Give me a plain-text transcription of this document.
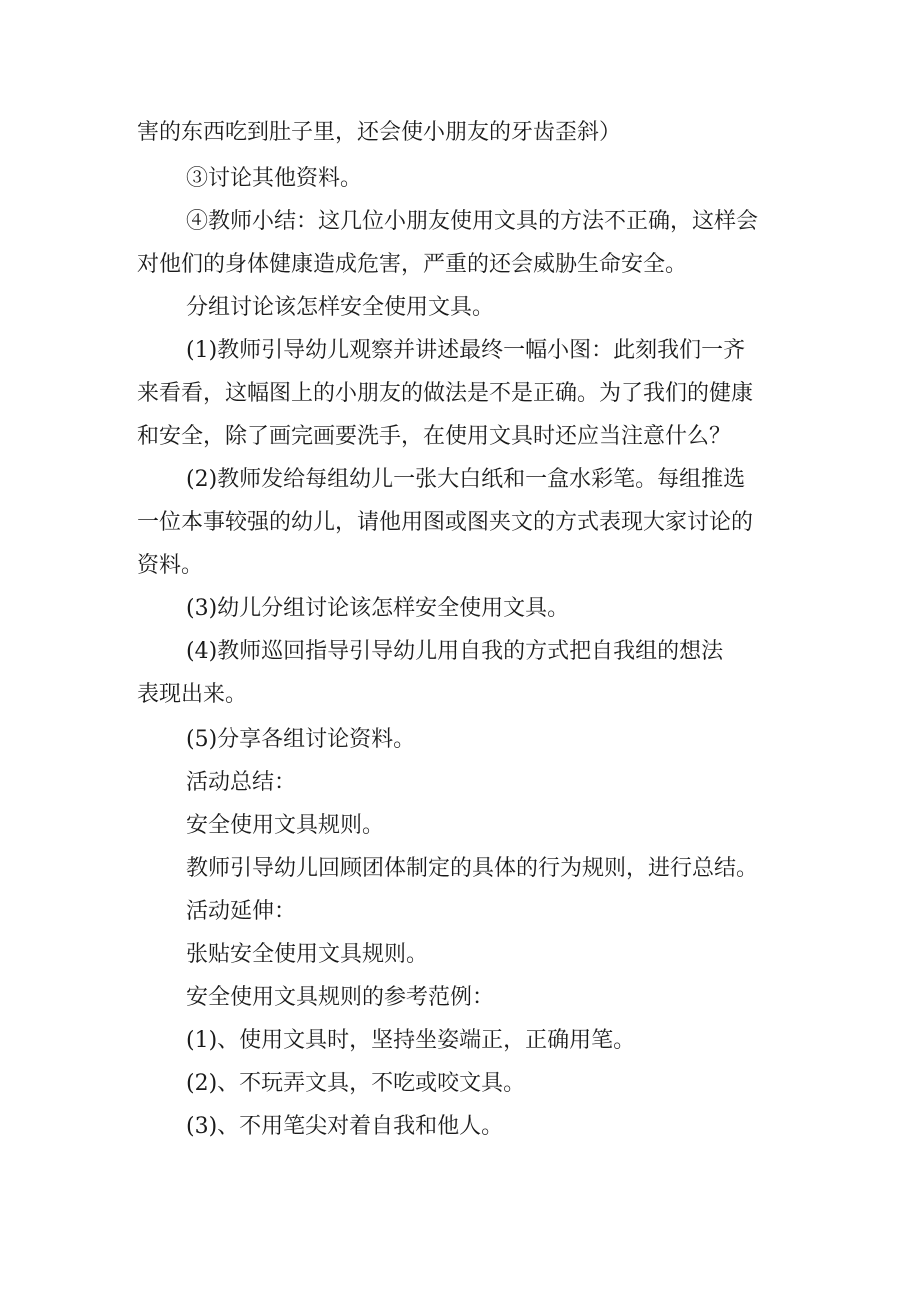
害的东西吃到肚子里，还会使小朋友的牙齿歪斜）
③讨论其他资料。
④教师小结：这几位小朋友使用文具的方法不正确，这样会
对他们的身体健康造成危害，严重的还会威胁生命安全。
分组讨论该怎样安全使用文具。
(1)教师引导幼儿观察并讲述最终一幅小图：此刻我们一齐
来看看，这幅图上的小朋友的做法是不是正确。为了我们的健康
和安全，除了画完画要洗手，在使用文具时还应当注意什么？
(2)教师发给每组幼儿一张大白纸和一盒水彩笔。每组推选
一位本事较强的幼儿，请他用图或图夹文的方式表现大家讨论的
资料。
(3)幼儿分组讨论该怎样安全使用文具。
(4)教师巡回指导引导幼儿用自我的方式把自我组的想法
表现出来。
(5)分享各组讨论资料。
活动总结：
安全使用文具规则。
教师引导幼儿回顾团体制定的具体的行为规则，进行总结。
活动延伸：
张贴安全使用文具规则。
安全使用文具规则的参考范例：
(1)、使用文具时，坚持坐姿端正，正确用笔。
(2)、不玩弄文具，不吃或咬文具。
(3)、不用笔尖对着自我和他人。
